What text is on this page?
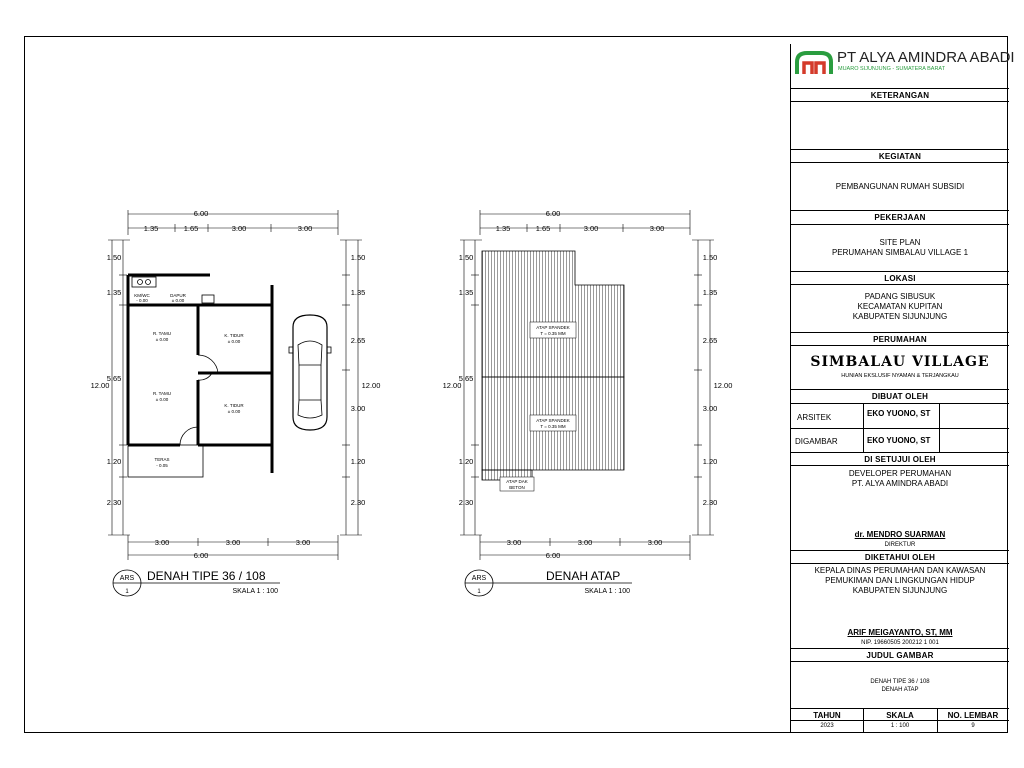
6.00
1.35	1.65	3.00	3.00
3.00	3.00	3.00
6.00
1.50
1.35
5.65
1.20
2.30
12.00
1.50
1.35
2.65
3.00
1.20
2.30
12.00
KM/WC
- 0.00
DAPUR
± 0.00
R. TAMU
± 0.00
R. TAMU
± 0.00
K. TIDUR
± 0.00
K. TIDUR
± 0.00
TERAS
- 0.05
ARS
1
DENAH TIPE 36 / 108
SKALA 1 : 100
ATAP SPANDEK
T = 0.35 MM
ATAP SPANDEK
T = 0.35 MM
ATAP DAK
BETON
6.00
1.35	1.65	3.00	3.00
3.00	3.00	3.00
6.00
1.50
1.35
5.65
1.20
2.30
12.00
1.50
1.35
2.65
3.00
1.20
2.30
12.00
ARS
1
DENAH ATAP
SKALA 1 : 100
PT ALYA AMINDRA ABADI
MUARO SIJUNJUNG - SUMATERA BARAT
KETERANGAN
KEGIATAN
PEMBANGUNAN RUMAH SUBSIDI
PEKERJAAN
SITE PLAN
PERUMAHAN SIMBALAU VILLAGE 1
LOKASI
PADANG SIBUSUK
KECAMATAN KUPITAN
KABUPATEN SIJUNJUNG
PERUMAHAN
SIMBALAU VILLAGE
HUNIAN EKSLUSIF NYAMAN & TERJANGKAU
DIBUAT OLEH
ARSITEK	EKO YUONO, ST
DIGAMBAR	EKO YUONO, ST
DI SETUJUI OLEH
DEVELOPER PERUMAHAN
PT. ALYA AMINDRA ABADI
dr. MENDRO SUARMAN
DIREKTUR
DIKETAHUI OLEH
KEPALA DINAS PERUMAHAN DAN KAWASAN
PEMUKIMAN DAN LINGKUNGAN HIDUP
KABUPATEN SIJUNJUNG
ARIF MEIGAYANTO, ST, MM
NIP. 19660505 200212 1 001
JUDUL GAMBAR
DENAH TIPE 36 / 108
DENAH ATAP
TAHUN	SKALA	NO. LEMBAR
2023	1 : 100	9
